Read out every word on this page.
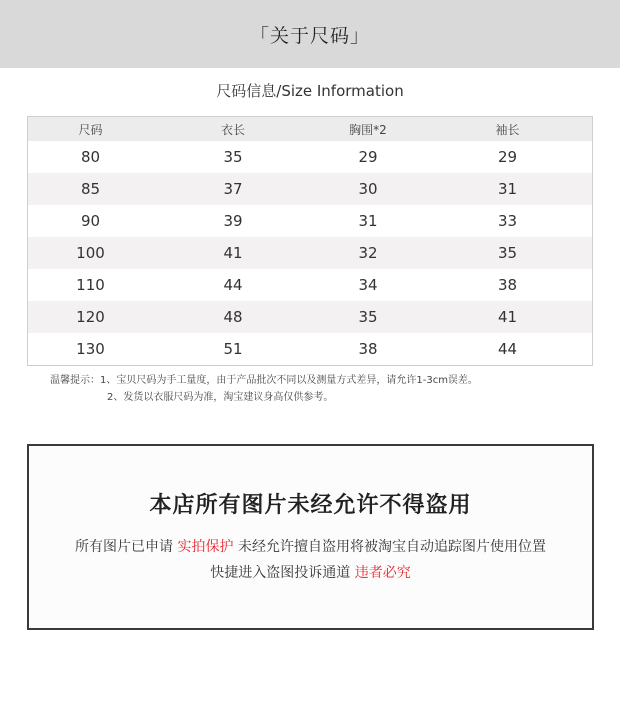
「关于尺码」
尺码信息/Size Information
尺码	衣长	胸围*2	袖长
80	35	29	29
85	37	30	31
90	39	31	33
100	41	32	35
110	44	34	38
120	48	35	41
130	51	38	44
温馨提示：1、宝贝尺码为手工量度，由于产品批次不同以及测量方式差异，请允许1-3cm误差。
2、发货以衣服尺码为准，淘宝建议身高仅供参考。
本店所有图片未经允许不得盗用
所有图片已申请 实拍保护 未经允许擅自盗用将被淘宝自动追踪图片使用位置
快捷进入盗图投诉通道 违者必究
